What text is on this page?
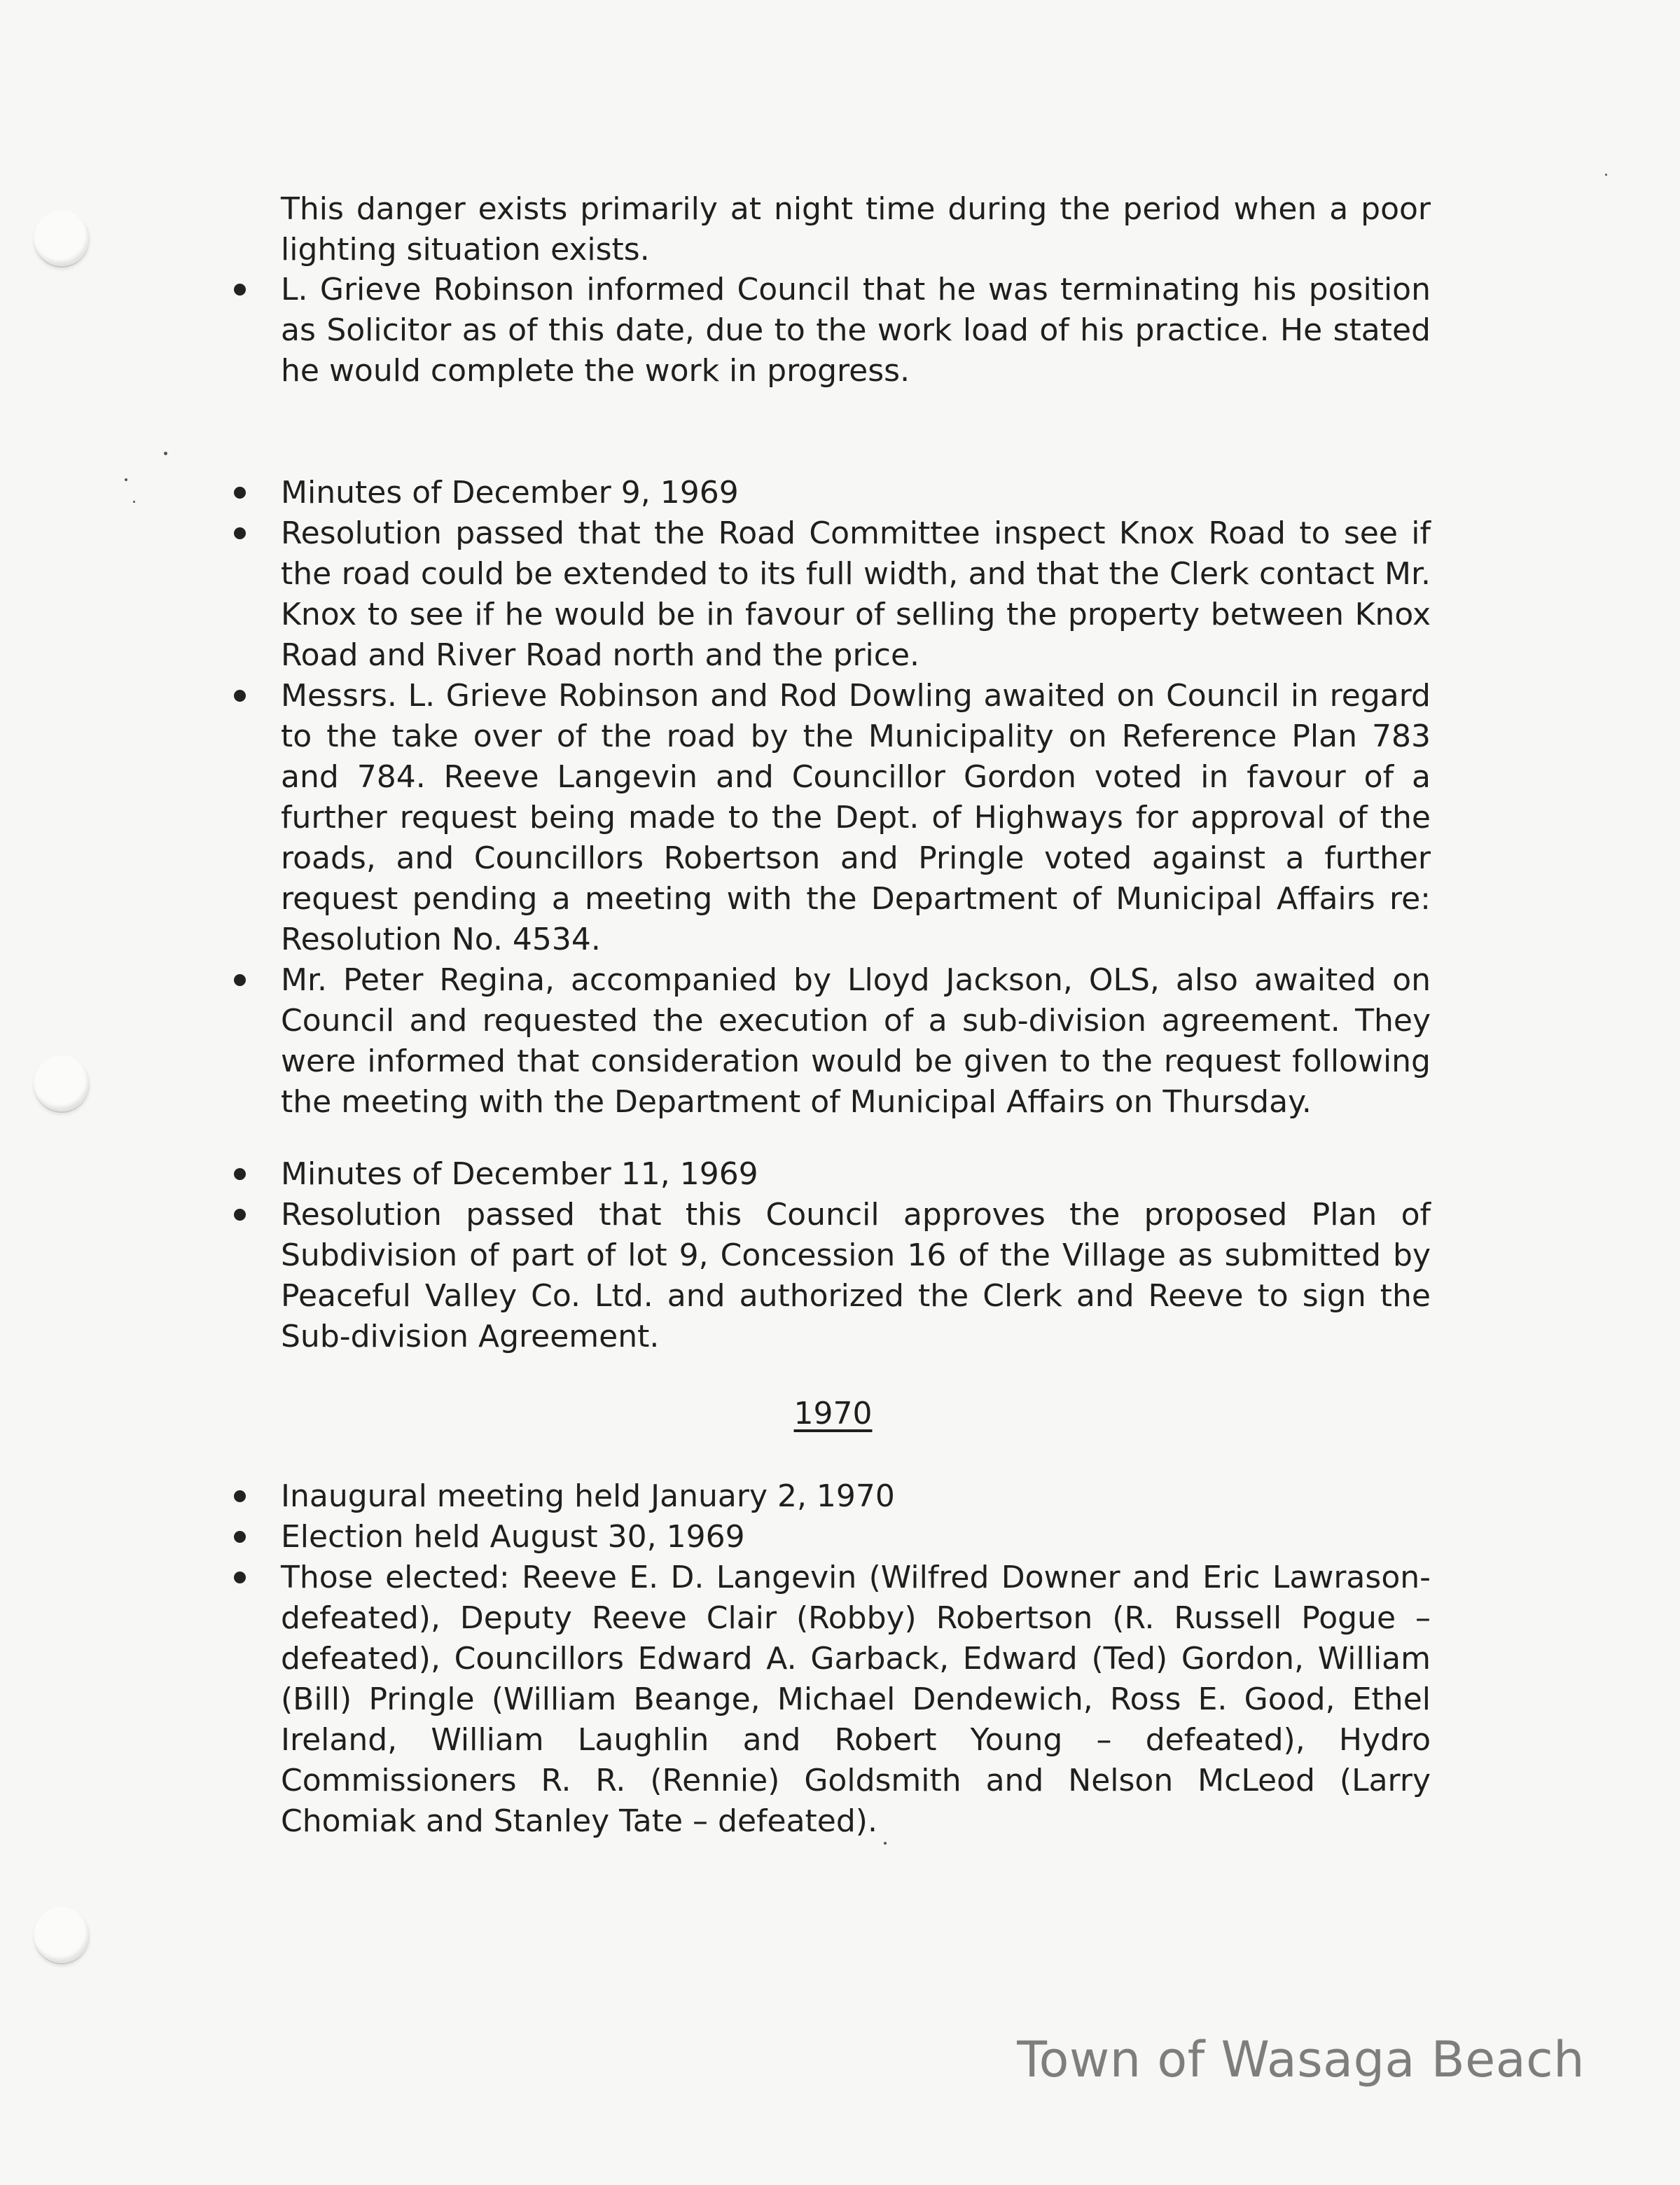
This danger exists primarily at night time during the period when a poor lighting situation exists.

L. Grieve Robinson informed Council that he was terminating his position as Solicitor as of this date, due to the work load of his practice. He stated he would complete the work in progress.
Minutes of December 9, 1969
Resolution passed that the Road Committee inspect Knox Road to see if the road could be extended to its full width, and that the Clerk contact Mr. Knox to see if he would be in favour of selling the property between Knox Road and River Road north and the price.
Messrs. L. Grieve Robinson and Rod Dowling awaited on Council in regard to the take over of the road by the Municipality on Reference Plan 783 and 784. Reeve Langevin and Councillor Gordon voted in favour of a further request being made to the Dept. of Highways for approval of the roads, and Councillors Robertson and Pringle voted against a further request pending a meeting with the Department of Municipal Affairs re: Resolution No. 4534.
Mr. Peter Regina, accompanied by Lloyd Jackson, OLS, also awaited on Council and requested the execution of a sub-division agreement. They were informed that consideration would be given to the request following the meeting with the Department of Municipal Affairs on Thursday.
Minutes of December 11, 1969
Resolution passed that this Council approves the proposed Plan of Subdivision of part of lot 9, Concession 16 of the Village as submitted by Peaceful Valley Co. Ltd. and authorized the Clerk and Reeve to sign the Sub-division Agreement.
1970
Inaugural meeting held January 2, 1970
Election held August 30, 1969
Those elected: Reeve E. D. Langevin (Wilfred Downer and Eric Lawrason-defeated), Deputy Reeve Clair (Robby) Robertson (R. Russell Pogue – defeated), Councillors Edward A. Garback, Edward (Ted) Gordon, William (Bill) Pringle (William Beange, Michael Dendewich, Ross E. Good, Ethel Ireland, William Laughlin and Robert Young – defeated), Hydro Commissioners R. R. (Rennie) Goldsmith and Nelson McLeod (Larry Chomiak and Stanley Tate – defeated).
Town of Wasaga Beach
